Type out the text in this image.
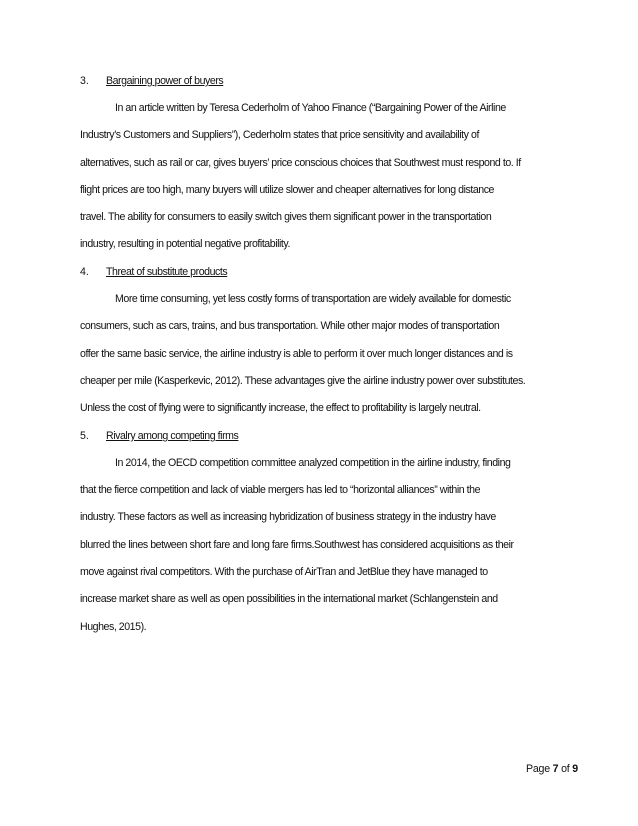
3. Bargaining power of buyers
In an article written by Teresa Cederholm of Yahoo Finance (“Bargaining Power of the Airline
Industry’s Customers and Suppliers”), Cederholm states that price sensitivity and availability of
alternatives, such as rail or car, gives buyers’ price conscious choices that Southwest must respond to. If
flight prices are too high, many buyers will utilize slower and cheaper alternatives for long distance
travel. The ability for consumers to easily switch gives them significant power in the transportation
industry, resulting in potential negative profitability.
4. Threat of substitute products
More time consuming, yet less costly forms of transportation are widely available for domestic
consumers, such as cars, trains, and bus transportation. While other major modes of transportation
offer the same basic service, the airline industry is able to perform it over much longer distances and is
cheaper per mile (Kasperkevic, 2012). These advantages give the airline industry power over substitutes.
Unless the cost of flying were to significantly increase, the effect to profitability is largely neutral.
5. Rivalry among competing firms
In 2014, the OECD competition committee analyzed competition in the airline industry, finding
that the fierce competition and lack of viable mergers has led to “horizontal alliances” within the
industry. These factors as well as increasing hybridization of business strategy in the industry have
blurred the lines between short fare and long fare firms.Southwest has considered acquisitions as their
move against rival competitors. With the purchase of AirTran and JetBlue they have managed to
increase market share as well as open possibilities in the international market (Schlangenstein and
Hughes, 2015).
Page 7 of 9
